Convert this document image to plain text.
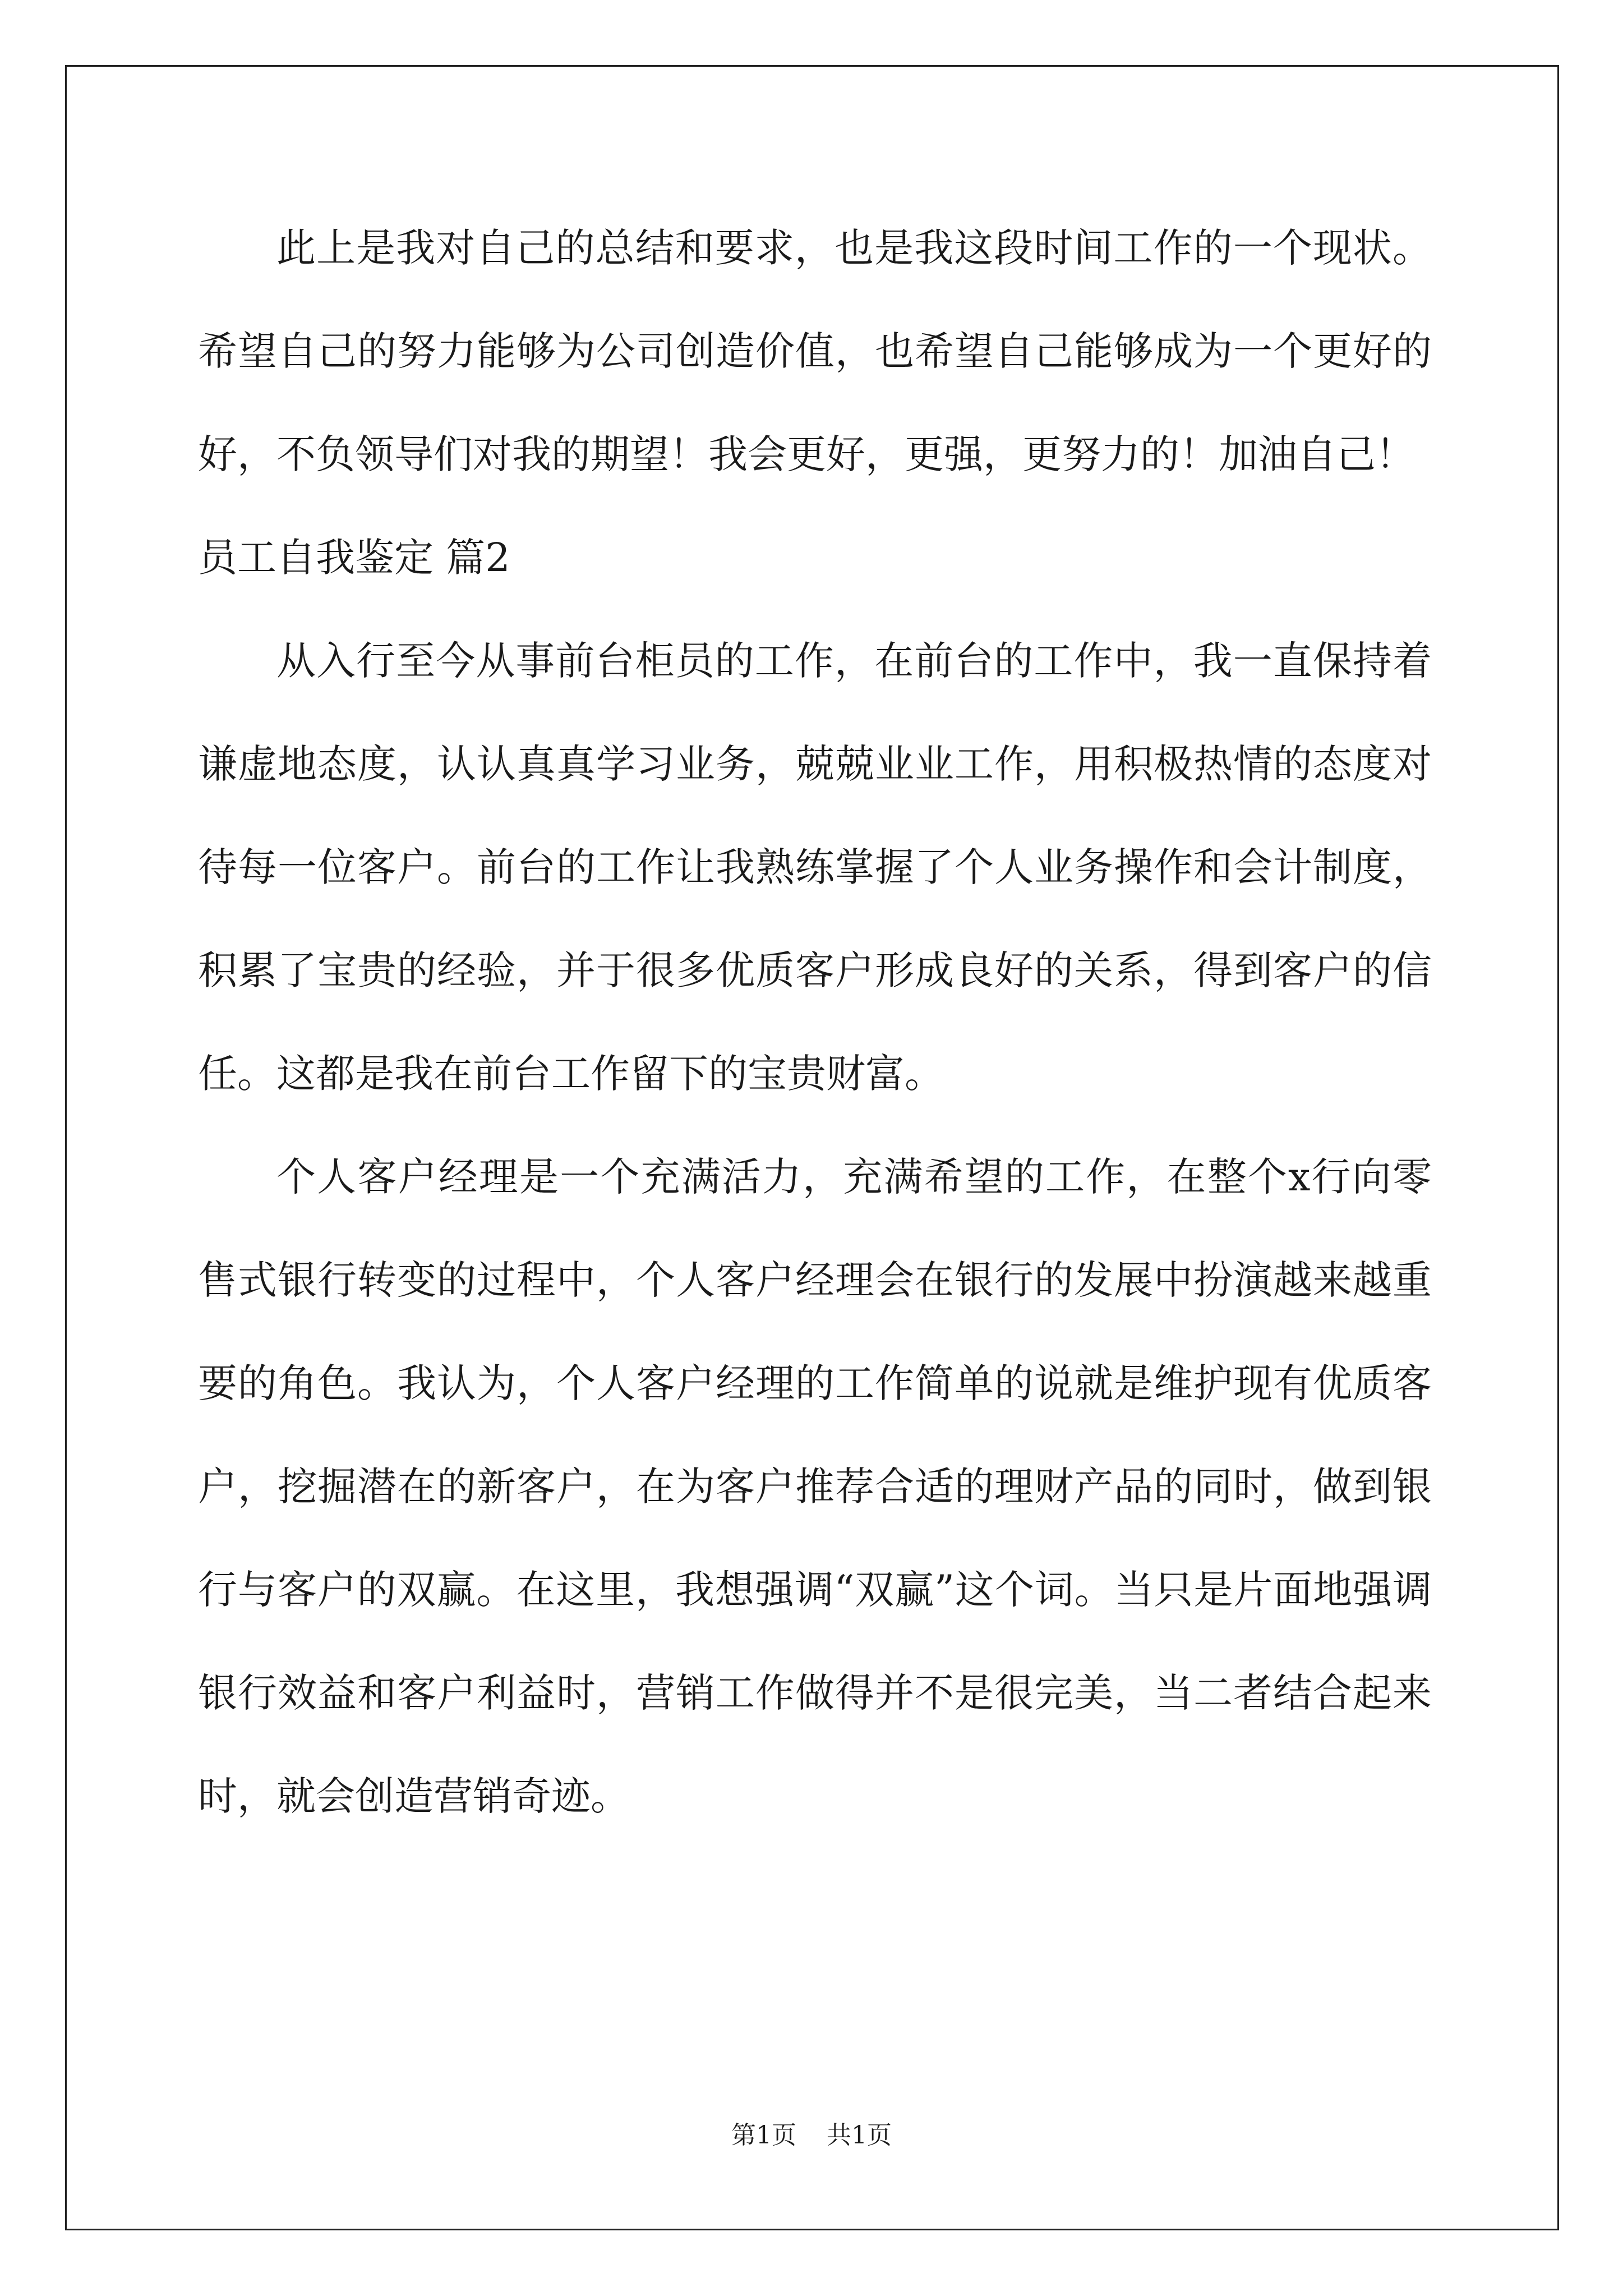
此上是我对自己的总结和要求，也是我这段时间工作的一个现状。希望自己的努力能够为公司创造价值，也希望自己能够成为一个更好的好，不负领导们对我的期望！我会更好，更强，更努力的！加油自己！

员工自我鉴定 篇2

从入行至今从事前台柜员的工作，在前台的工作中，我一直保持着谦虚地态度，认认真真学习业务，兢兢业业工作，用积极热情的态度对待每一位客户。前台的工作让我熟练掌握了个人业务操作和会计制度，积累了宝贵的经验，并于很多优质客户形成良好的关系，得到客户的信任。这都是我在前台工作留下的宝贵财富。

个人客户经理是一个充满活力，充满希望的工作，在整个x行向零售式银行转变的过程中，个人客户经理会在银行的发展中扮演越来越重要的角色。我认为，个人客户经理的工作简单的说就是维护现有优质客户，挖掘潜在的新客户，在为客户推荐合适的理财产品的同时，做到银行与客户的双赢。在这里，我想强调“双赢”这个词。当只是片面地强调银行效益和客户利益时，营销工作做得并不是很完美，当二者结合起来时，就会创造营销奇迹。

第1页 共1页
